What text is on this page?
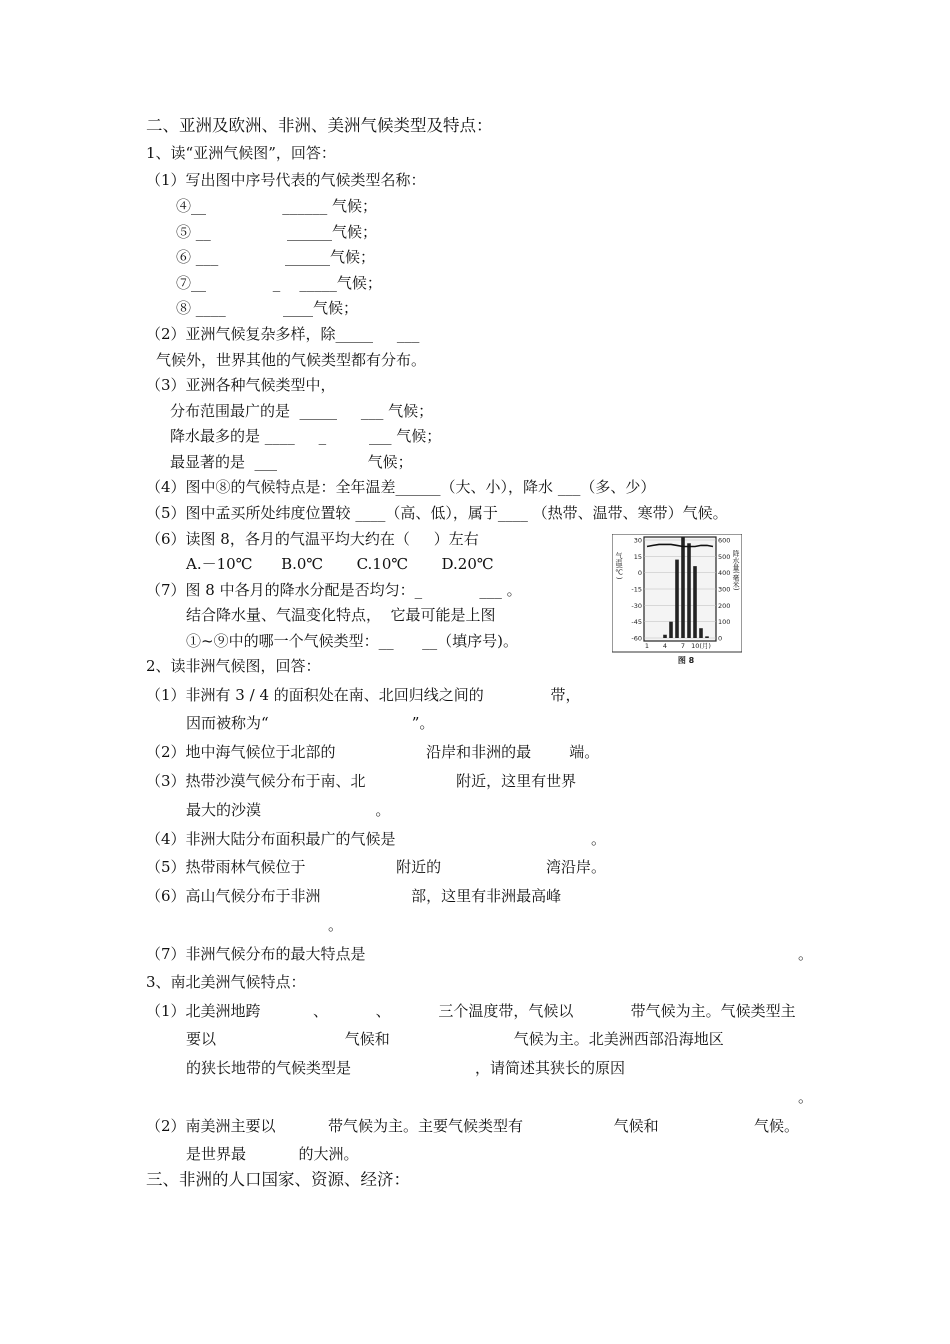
二、亚洲及欧洲、非洲、美洲气候类型及特点：
1、读“亚洲气候图”，回答：
（1）写出图中序号代表的气候类型名称：
④__                ______ 气候；
⑤ __                ______气候；
⑥ ___              ______气候；
⑦__              _    _____气候；
⑧ ____            ____气候；
（2）亚洲气候复杂多样，除_____     ___
气候外，世界其他的气候类型都有分布。
（3）亚洲各种气候类型中，
分布范围最广的是  _____     ___ 气候；
降水最多的是 ____     _         ___ 气候；
最显著的是  ___                   气候；
（4）图中⑧的气候特点是：全年温差______（大、小），降水 ___（多、少）
（5）图中孟买所处纬度位置较 ____（高、低），属于____ （热带、温带、寒带）气候。
（6）读图 8，各月的气温平均大约在（     ）左右
A.－10℃      B.0℃       C.10℃       D.20℃
（7）图 8 中各月的降水分配是否均匀：_            ___ 。
结合降水量、气温变化特点，  它最可能是上图
①~⑨中的哪一个气候类型：__      __（填序号)。
气温(℃)	降水量(毫米)
30
15
0
-15
-30
-45
-60
600
500
400
300
200
100
0
1 4 7 10(月)
图 8
2、读非洲气候图，回答：
（1）非洲有 3 / 4 的面积处在南、北回归线之间的              带，
因而被称为“                              ”。
（2）地中海气候位于北部的                   沿岸和非洲的最        端。
（3）热带沙漠气候分布于南、北                   附近，这里有世界
最大的沙漠                        。
（4）非洲大陆分布面积最广的气候是                                         。
（5）热带雨林气候位于                   附近的                      湾沿岸。
（6）高山气候分布于非洲                   部，这里有非洲最高峰
。
（7）非洲气候分布的最大特点是	。
3、南北美洲气候特点：
（1）北美洲地跨           、          、          三个温度带，气候以            带气候为主。气候类型主
要以                           气候和                          气候为主。北美洲西部沿海地区
的狭长地带的气候类型是                          ，请简述其狭长的原因
。
（2）南美洲主要以           带气候为主。主要气候类型有                   气候和                    气候。
是世界最           的大洲。
三、非洲的人口国家、资源、经济：
